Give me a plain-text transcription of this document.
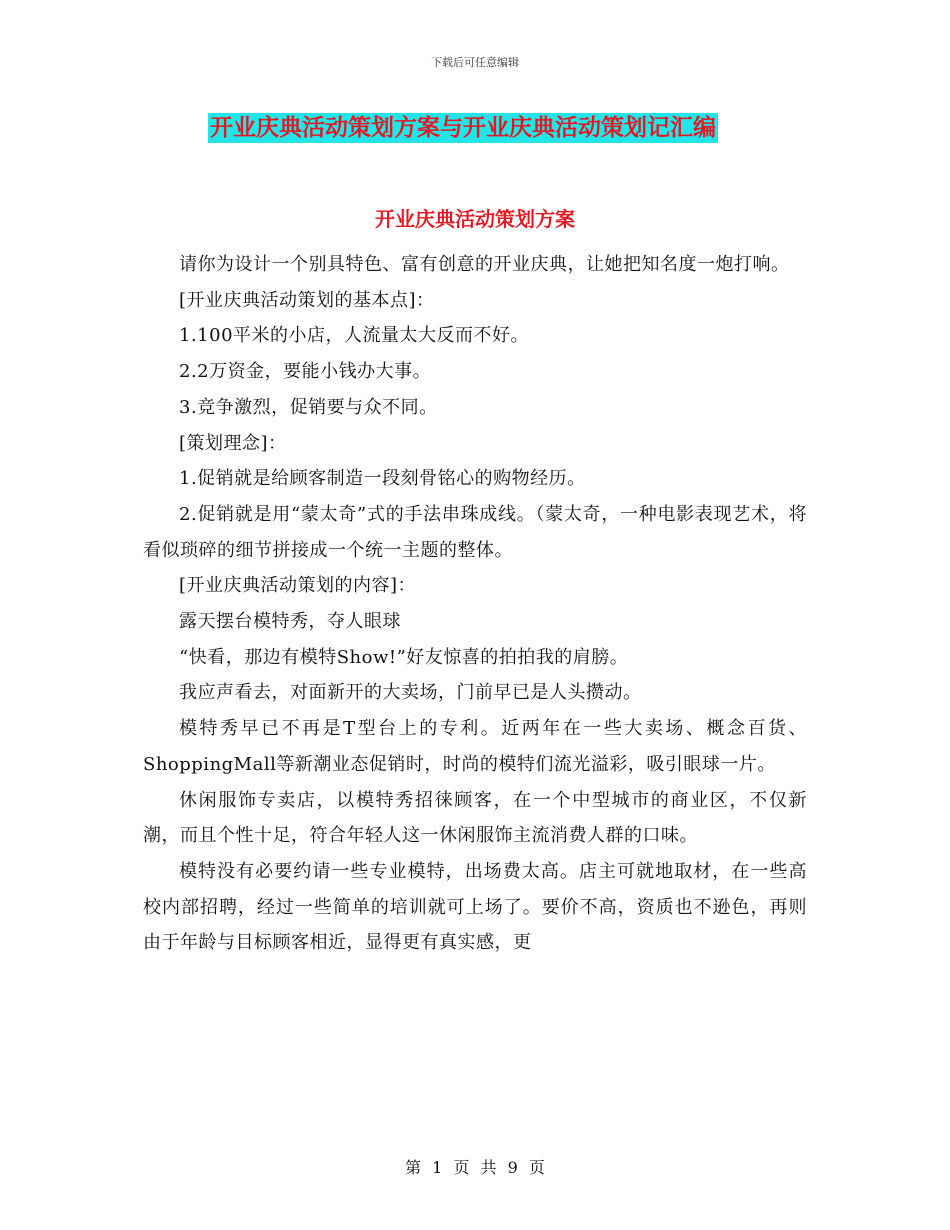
下载后可任意编辑
开业庆典活动策划方案与开业庆典活动策划记汇编
开业庆典活动策划方案

请你为设计一个别具特色、富有创意的开业庆典，让她把知名度一炮打响。

[开业庆典活动策划的基本点]：

1.100平米的小店，人流量太大反而不好。

2.2万资金，要能小钱办大事。

3.竞争激烈，促销要与众不同。

[策划理念]：

1.促销就是给顾客制造一段刻骨铭心的购物经历。

2.促销就是用“蒙太奇”式的手法串珠成线。（蒙太奇，一种电影表现艺术，将看似琐碎的细节拼接成一个统一主题的整体。

[开业庆典活动策划的内容]：

露天摆台模特秀，夺人眼球

“快看，那边有模特Show!”好友惊喜的拍拍我的肩膀。

我应声看去，对面新开的大卖场，门前早已是人头攒动。

模特秀早已不再是T型台上的专利。近两年在一些大卖场、概念百货、ShoppingMall等新潮业态促销时，时尚的模特们流光溢彩，吸引眼球一片。

休闲服饰专卖店，以模特秀招徕顾客，在一个中型城市的商业区，不仅新潮，而且个性十足，符合年轻人这一休闲服饰主流消费人群的口味。

模特没有必要约请一些专业模特，出场费太高。店主可就地取材，在一些高校内部招聘，经过一些简单的培训就可上场了。要价不高，资质也不逊色，再则由于年龄与目标顾客相近，显得更有真实感，更

第 1 页 共 9 页
